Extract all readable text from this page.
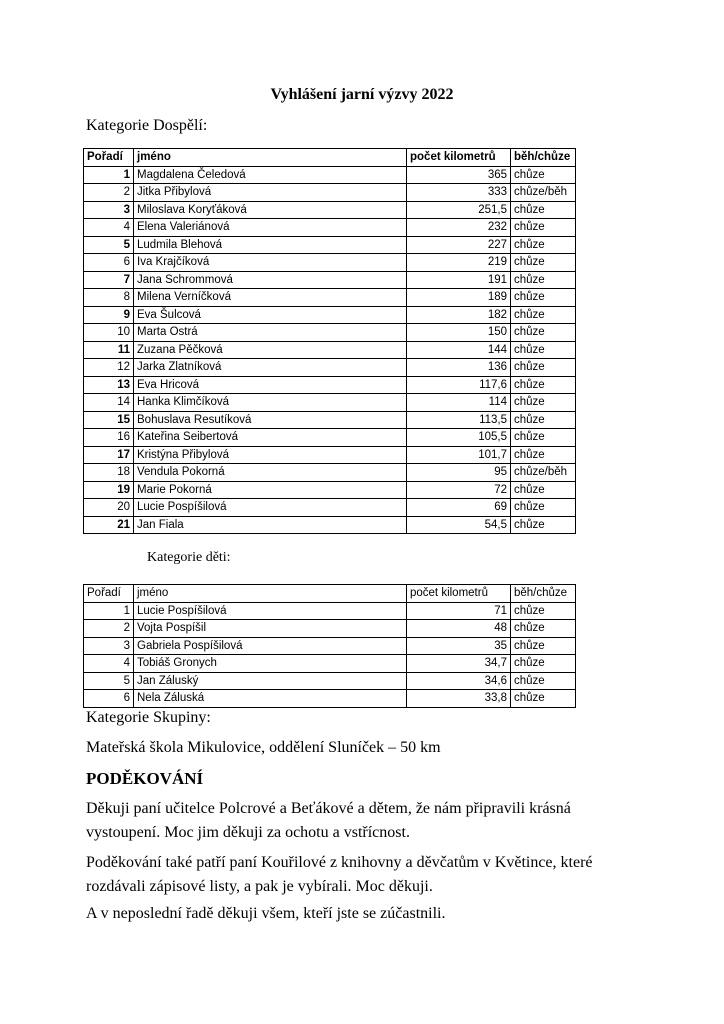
Vyhlášení jarní výzvy 2022
Kategorie Dospělí:
Pořadí	jméno	počet kilometrů	běh/chůze
1	Magdalena Čeledová	365	chůze
2	Jitka Přibylová	333	chůze/běh
3	Miloslava Koryťáková	251,5	chůze
4	Elena Valeriánová	232	chůze
5	Ludmila Blehová	227	chůze
6	Iva Krajčíková	219	chůze
7	Jana Schrommová	191	chůze
8	Milena Verníčková	189	chůze
9	Eva Šulcová	182	chůze
10	Marta Ostrá	150	chůze
11	Zuzana Pěčková	144	chůze
12	Jarka Zlatníková	136	chůze
13	Eva Hricová	117,6	chůze
14	Hanka Klimčíková	114	chůze
15	Bohuslava Resutíková	113,5	chůze
16	Kateřina Seibertová	105,5	chůze
17	Kristýna Přibylová	101,7	chůze
18	Vendula Pokorná	95	chůze/běh
19	Marie Pokorná	72	chůze
20	Lucie Pospíšilová	69	chůze
21	Jan Fiala	54,5	chůze
Kategorie děti:
Pořadí	jméno	počet kilometrů	běh/chůze
1	Lucie Pospíšilová	71	chůze
2	Vojta Pospíšil	48	chůze
3	Gabriela Pospíšilová	35	chůze
4	Tobiáš Gronych	34,7	chůze
5	Jan Záluský	34,6	chůze
6	Nela Záluská	33,8	chůze
Kategorie Skupiny:
Mateřská škola Mikulovice, oddělení Sluníček – 50 km
PODĚKOVÁNÍ
Děkuji paní učitelce Polcrové a Beťákové a dětem, že nám připravili krásná vystoupení. Moc jim děkuji za ochotu a vstřícnost.
Poděkování také patří paní Kouřilové z knihovny a děvčatům v Květince, které rozdávali zápisové listy, a pak je vybírali. Moc děkuji.
A v neposlední řadě děkuji všem, kteří jste se zúčastnili.
